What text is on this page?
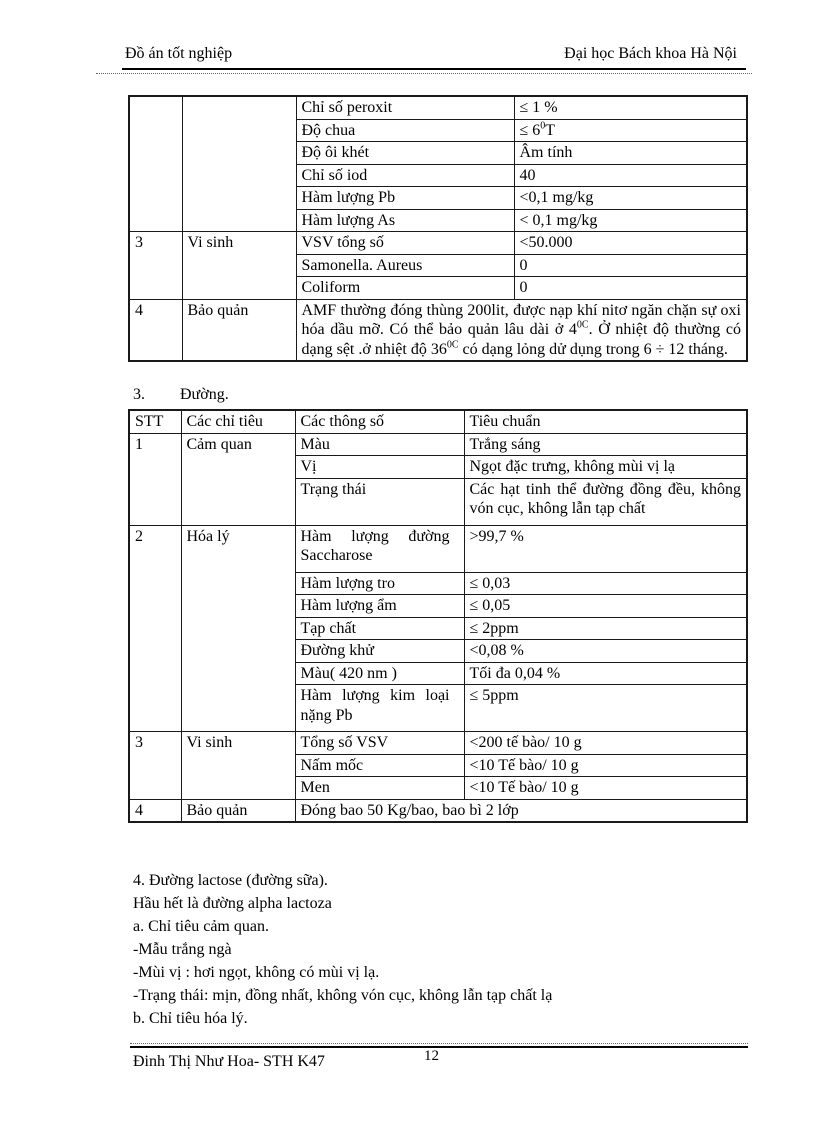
Đồ án tốt nghiệp	Đại học Bách khoa Hà Nội
		Chỉ số peroxit	≤ 1 %
		Độ chua	≤ $6^0T$
		Độ ôi khét	Âm tính
		Chỉ số iod	40
		Hàm lượng Pb	<0,1 mg/kg
		Hàm lượng As	< 0,1 mg/kg
3	Vi sinh	VSV tổng số	<50.000
		Samonella. Aureus	0
		Coliform	0
4	Bảo quản	AMF thường đóng thùng 200lit, được nạp khí nitơ ngăn chặn sự oxi hóa dầu mỡ. Có thể bảo quản lâu dài ở $4^{0C}$. Ở nhiệt độ thường có dạng sệt .ở nhiệt độ $36^{0C}$ có dạng lỏng dử dụng trong 6 ÷ 12 tháng.	
3. Đường.
STT	Các chỉ tiêu	Các thông số	Tiêu chuẩn
1	Cảm quan	Màu	Trắng sáng
		Vị	Ngọt đặc trưng, không mùi vị lạ
		Trạng thái	Các hạt tinh thể đường đồng đều, không vón cục, không lẫn tạp chất
2	Hóa lý	Hàm lượng đường Saccharose	>99,7 %
		Hàm lượng tro	≤ 0,03
		Hàm lượng ẩm	≤ 0,05
		Tạp chất	≤ 2ppm
		Đường khử	<0,08 %
		Màu( 420 nm )	Tối đa 0,04 %
		Hàm lượng kim loại nặng Pb	≤ 5ppm
3	Vi sinh	Tổng số VSV	<200 tế bào/ 10 g
		Nấm mốc	<10 Tế bào/ 10 g
		Men	<10 Tế bào/ 10 g
4	Bảo quản	Đóng bao 50 Kg/bao, bao bì 2 lớp	
4. Đường lactose (đường sữa).
Hầu hết là đường alpha lactoza
a. Chỉ tiêu cảm quan.
-Mẫu trắng ngà
-Mùi vị : hơi ngọt, không có mùi vị lạ.
-Trạng thái: mịn, đồng nhất, không vón cục, không lẫn tạp chất lạ
b. Chỉ tiêu hóa lý.
Đinh Thị Như Hoa- STH K47	12
